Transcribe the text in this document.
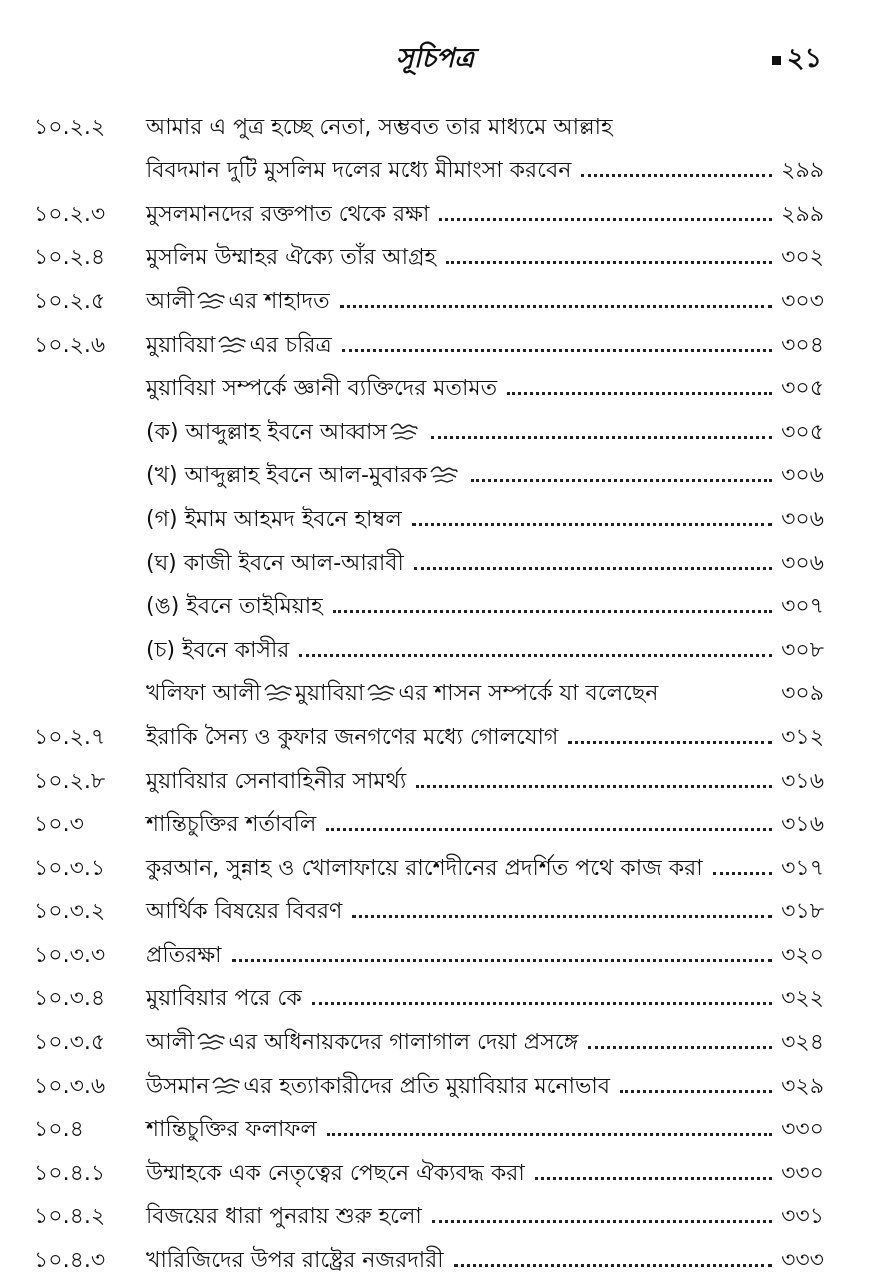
সূচিপত্র	২১
১০.২.২	আমার এ পুত্র হচ্ছে নেতা, সম্ভবত তার মাধ্যমে আল্লাহ
বিবদমান দুটি মুসলিম দলের মধ্যে মীমাংসা করবেন	২৯৯
১০.২.৩	মুসলমানদের রক্তপাত থেকে রক্ষা	২৯৯
১০.২.৪	মুসলিম উম্মাহর ঐক্যে তাঁর আগ্রহ	৩০২
১০.২.৫	আলী এর শাহাদত	৩০৩
১০.২.৬	মুয়াবিয়া এর চরিত্র	৩০৪
মুয়াবিয়া সম্পর্কে জ্ঞানী ব্যক্তিদের মতামত	৩০৫
(ক) আব্দুল্লাহ ইবনে আব্বাস	৩০৫
(খ) আব্দুল্লাহ ইবনে আল-মুবারক	৩০৬
(গ) ইমাম আহমদ ইবনে হাম্বল	৩০৬
(ঘ) কাজী ইবনে আল-আরাবী	৩০৬
(ঙ) ইবনে তাইমিয়াহ	৩০৭
(চ) ইবনে কাসীর	৩০৮
খলিফা আলী মুয়াবিয়া এর শাসন সম্পর্কে যা বলেছেন	৩০৯
১০.২.৭	ইরাকি সৈন্য ও কুফার জনগণের মধ্যে গোলযোগ	৩১২
১০.২.৮	মুয়াবিয়ার সেনাবাহিনীর সামর্থ্য	৩১৬
১০.৩	শান্তিচুক্তির শর্তাবলি	৩১৬
১০.৩.১	কুরআন, সুন্নাহ ও খোলাফায়ে রাশেদীনের প্রদর্শিত পথে কাজ করা	৩১৭
১০.৩.২	আর্থিক বিষয়ের বিবরণ	৩১৮
১০.৩.৩	প্রতিরক্ষা	৩২০
১০.৩.৪	মুয়াবিয়ার পরে কে	৩২২
১০.৩.৫	আলী এর অধিনায়কদের গালাগাল দেয়া প্রসঙ্গে	৩২৪
১০.৩.৬	উসমান এর হত্যাকারীদের প্রতি মুয়াবিয়ার মনোভাব	৩২৯
১০.৪	শান্তিচুক্তির ফলাফল	৩৩০
১০.৪.১	উম্মাহকে এক নেতৃত্বের পেছনে ঐক্যবদ্ধ করা	৩৩০
১০.৪.২	বিজয়ের ধারা পুনরায় শুরু হলো	৩৩১
১০.৪.৩	খারিজিদের উপর রাষ্ট্রের নজরদারী	৩৩৩
